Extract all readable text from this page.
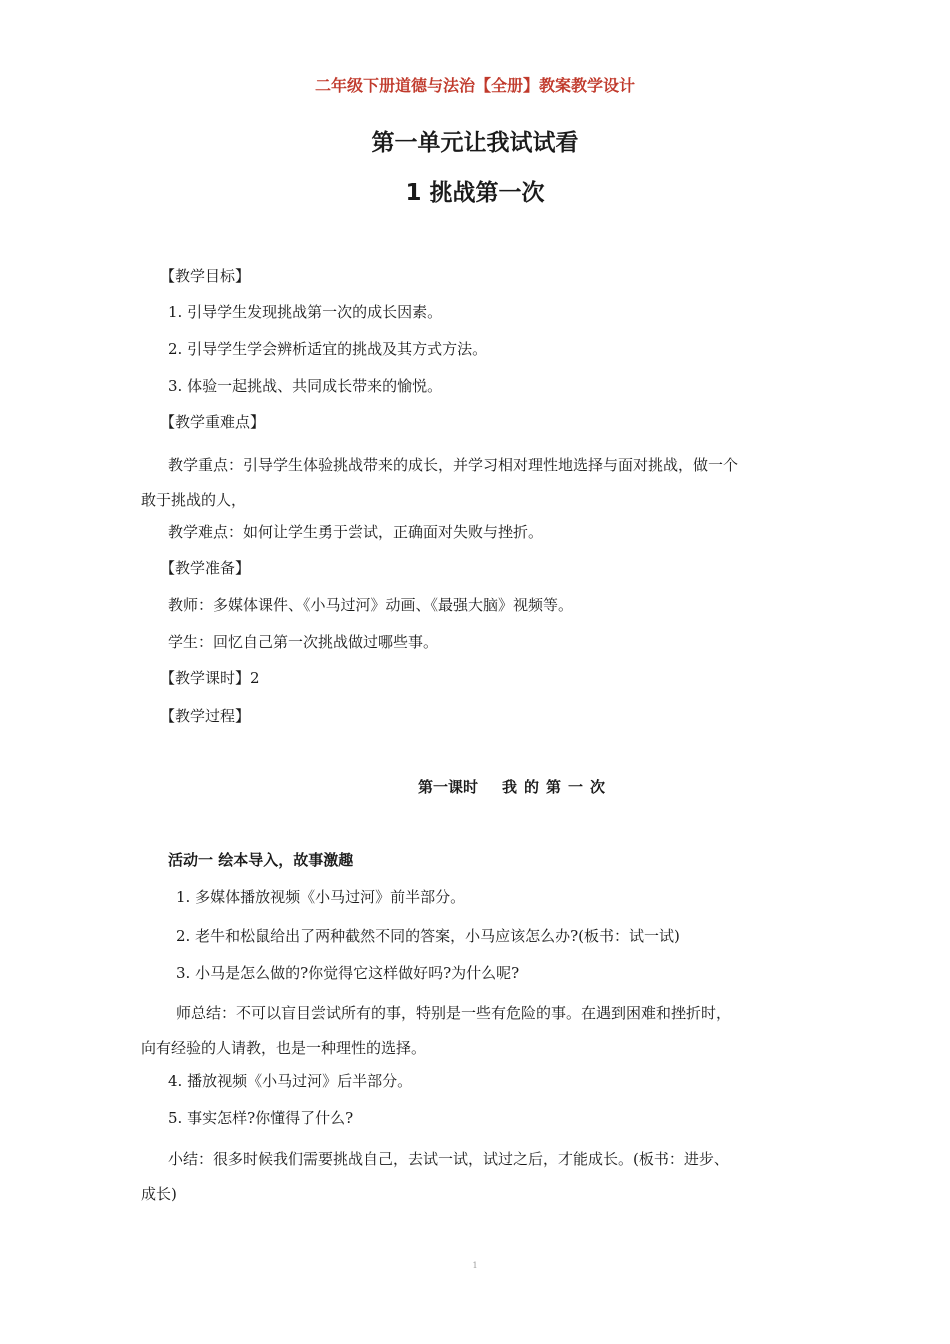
二年级下册道德与法治【全册】教案教学设计
第一单元让我试试看
1 挑战第一次
【教学目标】
1. 引导学生发现挑战第一次的成长因素。
2. 引导学生学会辨析适宜的挑战及其方式方法。
3. 体验一起挑战、共同成长带来的愉悦。
【教学重难点】
教学重点：引导学生体验挑战带来的成长，并学习相对理性地选择与面对挑战，做一个
敢于挑战的人，
教学难点：如何让学生勇于尝试，正确面对失败与挫折。
【教学准备】
教师：多媒体课件、《小马过河》动画、《最强大脑》视频等。
学生：回忆自己第一次挑战做过哪些事。
【教学课时】2
【教学过程】
第一课时 我的第一次
活动一 绘本导入，故事激趣
1. 多媒体播放视频《小马过河》前半部分。
2. 老牛和松鼠给出了两种截然不同的答案，小马应该怎么办?(板书：试一试)
3. 小马是怎么做的?你觉得它这样做好吗?为什么呢?
师总结：不可以盲目尝试所有的事，特别是一些有危险的事。在遇到困难和挫折时，
向有经验的人请教，也是一种理性的选择。
4. 播放视频《小马过河》后半部分。
5. 事实怎样?你懂得了什么?
小结：很多时候我们需要挑战自己，去试一试，试过之后，才能成长。(板书：进步、
成长)
1
